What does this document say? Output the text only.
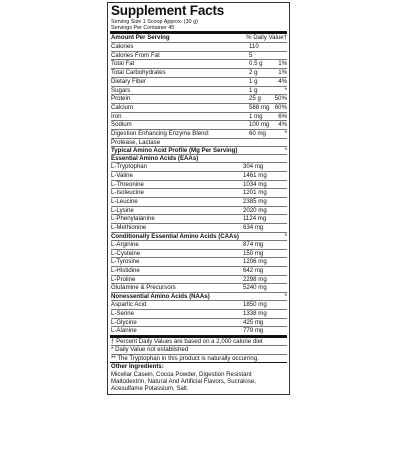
Supplement Facts
Serving Size 1 Scoop Approx. (30 g)
Servings Per Container 45
Amount Per Serving	% Daily Value†
Calories	110
Calories From Fat	5
Total Fat	0.5 g	1%
Total Carbohydrates	2 g	1%
Dietary Fiber	1 g	4%
Sugars	1 g	*
Protein	25 g	50%
Calcium	588 mg 60%
Iron	1 mg	6%
Sodium	100 mg	4%
Digestion Enhancing Enzyme Blend:	60 mg	*
Protease, Lactase
Typical Amino Acid Profile (Mg Per Serving)	*
Essential Amino Acids (EAAs)
L-Tryptophan	304 mg
L-Valine	1461 mg
L-Threonine	1034 mg
L-Isoleucine	1201 mg
L-Leucine	2385 mg
L-Lysine	2020 mg
L-Phenylalanine	1124 mg
L-Methionine	634 mg
Conditionally Essential Amino Acids (CAAs)	*
L-Arginine	874 mg
L-Cysteine	150 mg
L-Tyrosine	1206 mg
L-Histidine	642 mg
L-Proline	2298 mg
Glutamine & Precursors	5240 mg
Nonessential Amino Acids (NAAs)	*
Aspartic Acid	1850 mg
L-Serine	1338 mg
L-Glycine	425 mg
L-Alanine	779 mg
† Percent Daily Values are based on a 2,000 calorie diet
* Daily Value not established
** The Tryptophan in this product is naturally occurring.
Other Ingredients:
Micellar Casein, Cocoa Powder, Digestion Resistant Maltodextrin, Natural And Artificial Flavors, Sucralose, Acesulfame Potassium, Salt.
